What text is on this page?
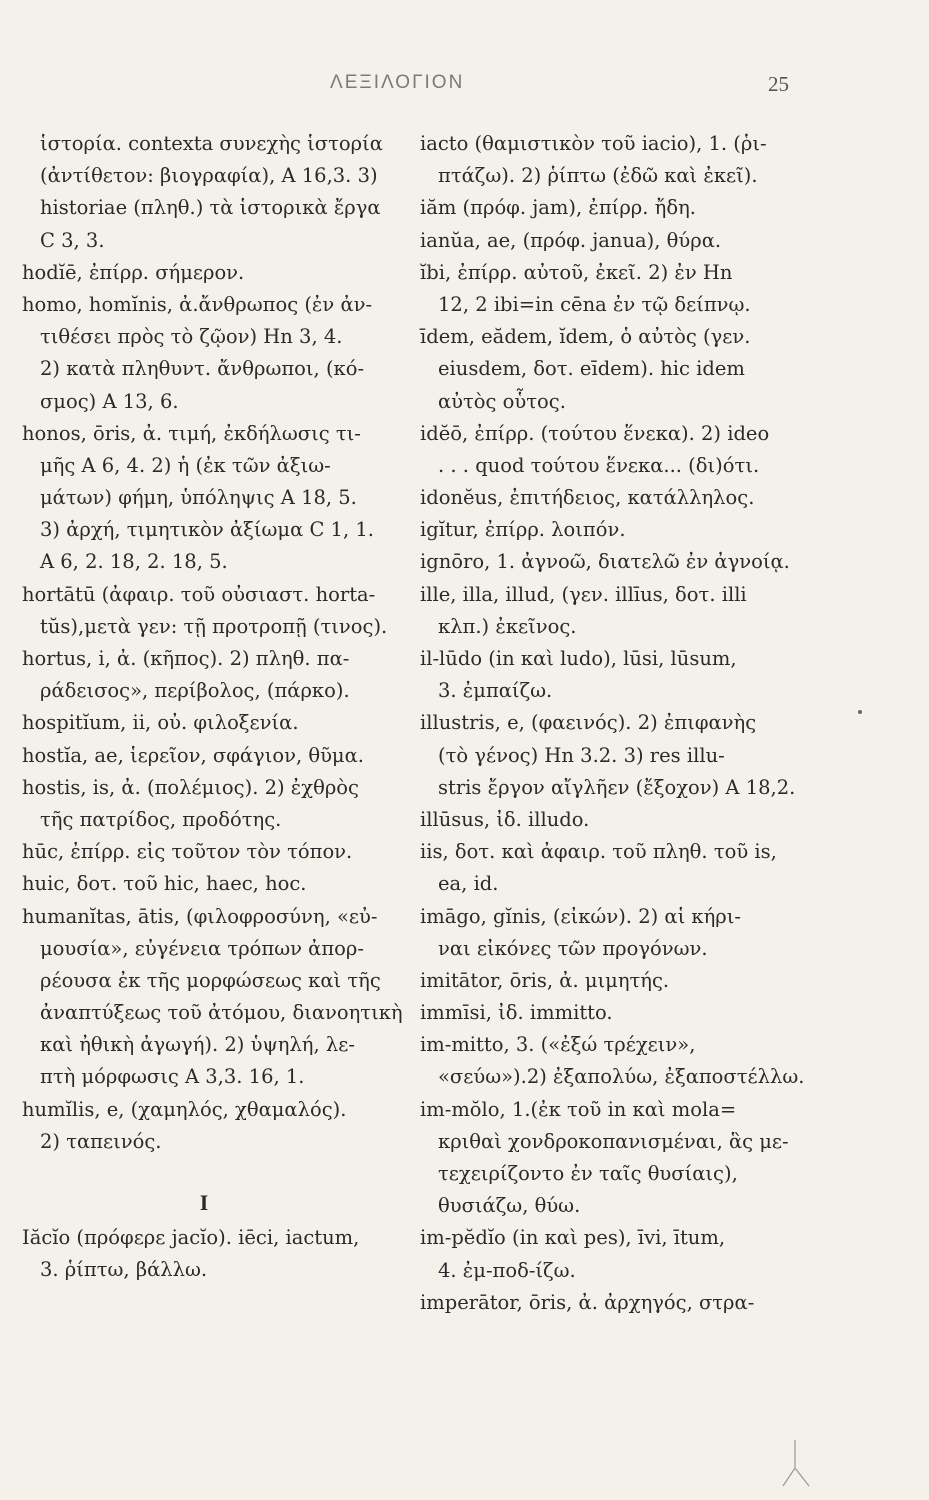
ΛΕΞΙΛΟΓΙΟΝ	25
ἱστορία. contexta συνεχὴς ἱστορία
(ἀντίθετον: βιογραφία), A 16,3. 3)
historiae (πληθ.) τὰ ἱστορικὰ ἔργα
C 3, 3.
hodĭē, ἐπίρρ. σήμερον.
homo, homĭnis, ἀ.ἄνθρωπος (ἐν ἀν-
τιθέσει πρὸς τὸ ζῷον) Hn 3, 4.
2) κατὰ πληθυντ. ἄνθρωποι, (κό-
σμος) A 13, 6.
honos, ōris, ἀ. τιμή, ἐκδήλωσις τι-
μῆς A 6, 4. 2) ἡ (ἐκ τῶν ἀξιω-
μάτων) φήμη, ὑπόληψις A 18, 5.
3) ἀρχή, τιμητικὸν ἀξίωμα C 1, 1.
A 6, 2. 18, 2. 18, 5.
hortātū (ἀφαιρ. τοῦ οὐσιαστ. horta-
tŭs),μετὰ γεν: τῇ προτροπῇ (τινος).
hortus, i, ἀ. (κῆπος). 2) πληθ. πα-
ράδεισος», περίβολος, (πάρκο).
hospitĭum, ii, οὐ. φιλοξενία.
hostĭa, ae, ἱερεῖον, σφάγιον, θῦμα.
hostis, is, ἀ. (πολέμιος). 2) ἐχθρὸς
τῆς πατρίδος, προδότης.
hūc, ἐπίρρ. εἰς τοῦτον τὸν τόπον.
huic, δοτ. τοῦ hic, haec, hoc.
humanĭtas, ātis, (φιλοφροσύνη, «εὐ-
μουσία», εὐγένεια τρόπων ἀπορ-
ρέουσα ἐκ τῆς μορφώσεως καὶ τῆς
ἀναπτύξεως τοῦ ἀτόμου, διανοητικὴ
καὶ ἠθικὴ ἀγωγή). 2) ὑψηλή, λε-
πτὴ μόρφωσις A 3,3. 16, 1.
humĭlis, e, (χαμηλός, χθαμαλός).
2) ταπεινός.
I
Iăcĭo (πρόφερε jacĭo). iēci, iactum,
3. ῥίπτω, βάλλω.
iacto (θαμιστικὸν τοῦ iacio), 1. (ῥι-
πτάζω). 2) ῥίπτω (ἐδῶ καὶ ἐκεῖ).
iăm (πρόφ. jam), ἐπίρρ. ἤδη.
ianŭa, ae, (πρόφ. janua), θύρα.
ĭbi, ἐπίρρ. αὐτοῦ, ἐκεῖ. 2) ἐν Hn
12, 2 ibi=in cēna ἐν τῷ δείπνῳ.
īdem, eădem, ĭdem, ὁ αὐτὸς (γεν.
eiusdem, δοτ. eīdem). hic idem
αὐτὸς οὗτος.
idĕō, ἐπίρρ. (τούτου ἕνεκα). 2) ideo
. . . quod τούτου ἕνεκα... (δι)ότι.
idonĕus, ἐπιτήδειος, κατάλληλος.
igĭtur, ἐπίρρ. λοιπόν.
ignōro, 1. ἀγνοῶ, διατελῶ ἐν ἀγνοίᾳ.
ille, illa, illud, (γεν. illīus, δοτ. illi
κλπ.) ἐκεῖνος.
il-lūdo (in καὶ ludo), lūsi, lūsum,
3. ἐμπαίζω.
illustris, e, (φαεινός). 2) ἐπιφανὴς
(τὸ γένος) Hn 3.2. 3) res illu-
stris ἔργον αἴγλῆεν (ἔξοχον) A 18,2.
illūsus, ἰδ. illudo.
iis, δοτ. καὶ ἀφαιρ. τοῦ πληθ. τοῦ is,
ea, id.
imāgo, gĭnis, (εἰκών). 2) αἱ κήρι-
ναι εἰκόνες τῶν προγόνων.
imitātor, ōris, ἀ. μιμητής.
immīsi, ἰδ. immitto.
im-mitto, 3. («ἐξώ τρέχειν»,
«σεύω»).2) ἐξαπολύω, ἐξαποστέλλω.
im-mŏlo, 1.(ἐκ τοῦ in καὶ mola=
κριθαὶ χονδροκοπανισμέναι, ἃς με-
τεχειρίζοντο ἐν ταῖς θυσίαις),
θυσιάζω, θύω.
im-pĕdĭo (in καὶ pes), īvi, ītum,
4. ἐμ-ποδ-ίζω.
imperātor, ōris, ἀ. ἀρχηγός, στρα-
